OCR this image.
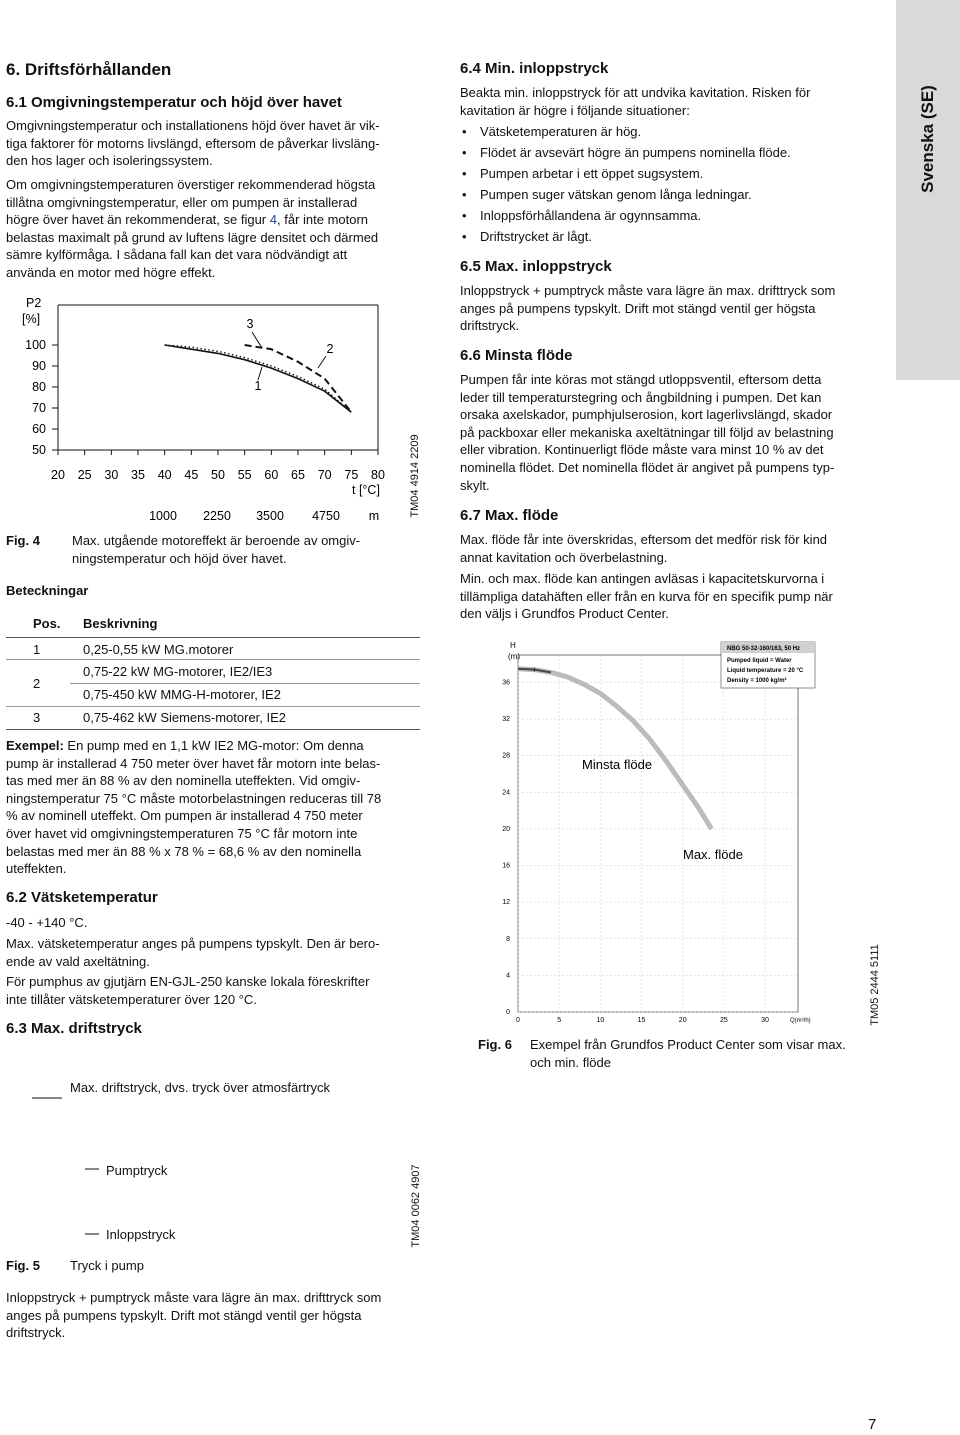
Svenska (SE)
6. Driftsförhållanden
6.1 Omgivningstemperatur och höjd över havet
Omgivningstemperatur och installationens höjd över havet är vik-
tiga faktorer för motorns livslängd, eftersom de påverkar livsläng-
den hos lager och isoleringssystem.
Om omgivningstemperaturen överstiger rekommenderad högsta
tillåtna omgivningstemperatur, eller om pumpen är installerad
högre över havet än rekommenderat, se figur 4, får inte motorn
belastas maximalt på grund av luftens lägre densitet och därmed
sämre kylförmåga. I sådana fall kan det vara nödvändigt att
använda en motor med högre effekt.
P2
[%]
100
90
80
70
60
50
20 25 30 35 40 45 50 55 60 65 70 75 80
1000 2250 3500 4750 m
1
2
3
t [°C]	TM04 4914 2209
Fig. 4 Max. utgående motoreffekt är beroende av omgiv-
ningstemperatur och höjd över havet.
Beteckningar
Pos. Beskrivning
1	0,25-0,55 kW MG.motorer
2
0,75-22 kW MG-motorer, IE2/IE3
0,75-450 kW MMG-H-motorer, IE2
3	0,75-462 kW Siemens-motorer, IE2
Exempel: En pump med en 1,1 kW IE2 MG-motor: Om denna
pump är installerad 4 750 meter över havet får motorn inte belas-
tas med mer än 88 % av den nominella uteffekten. Vid omgiv-
ningstemperatur 75 °C måste motorbelastningen reduceras till 78
% av nominell uteffekt. Om pumpen är installerad 4 750 meter
över havet vid omgivningstemperaturen 75 °C får motorn inte
belastas med mer än 88 % x 78 % = 68,6 % av den nominella
uteffekten.
6.2 Vätsketemperatur
-40 - +140 °C.
Max. vätsketemperatur anges på pumpens typskylt. Den är bero-
ende av vald axeltätning.
För pumphus av gjutjärn EN-GJL-250 kanske lokala föreskrifter
inte tillåter vätsketemperaturer över 120 °C.
6.3 Max. driftstryck
Max. driftstryck, dvs. tryck över atmosfärtryck
Pumptryck
Inloppstryck	TM04 0062 4907
Fig. 5 Tryck i pump
Inloppstryck + pumptryck måste vara lägre än max. drifttryck som
anges på pumpens typskylt. Drift mot stängd ventil ger högsta
driftstryck.
6.4 Min. inloppstryck
Beakta min. inloppstryck för att undvika kavitation. Risken för
kavitation är högre i följande situationer:
• Vätsketemperaturen är hög.
• Flödet är avsevärt högre än pumpens nominella flöde.
• Pumpen arbetar i ett öppet sugsystem.
• Pumpen suger vätskan genom långa ledningar.
• Inloppsförhållandena är ogynnsamma.
• Driftstrycket är lågt.
6.5 Max. inloppstryck
Inloppstryck + pumptryck måste vara lägre än max. drifttryck som
anges på pumpens typskylt. Drift mot stängd ventil ger högsta
driftstryck.
6.6 Minsta flöde
Pumpen får inte köras mot stängd utloppsventil, eftersom detta
leder till temperaturstegring och ångbildning i pumpen. Det kan
orsaka axelskador, pumphjulserosion, kort lagerlivslängd, skador
på packboxar eller mekaniska axeltätningar till följd av belastning
eller vibration. Kontinuerligt flöde måste vara minst 10 % av det
nominella flödet. Det nominella flödet är angivet på pumpens typ-
skylt.
6.7 Max. flöde
Max. flöde får inte överskridas, eftersom det medför risk för kind
annat kavitation och överbelastning.
Min. och max. flöde kan antingen avläsas i kapacitetskurvorna i
tillämpliga datahäften eller från en kurva för en specifik pump när
den väljs i Grundfos Product Center.
H
(m)
36
32
28
24
20
16
12
8
4
0
0	5	10	15	20	25	30
NBG 50-32-160/163, 50 Hz
Pumped liquid = Water
Liquid temperature = 20 °C
Density = 1000 kg/m³
Minsta flöde
Max. flöde
Q(m³/h)	TM05 2444 5111
Fig. 6 Exempel från Grundfos Product Center som visar max.
och min. flöde
7
